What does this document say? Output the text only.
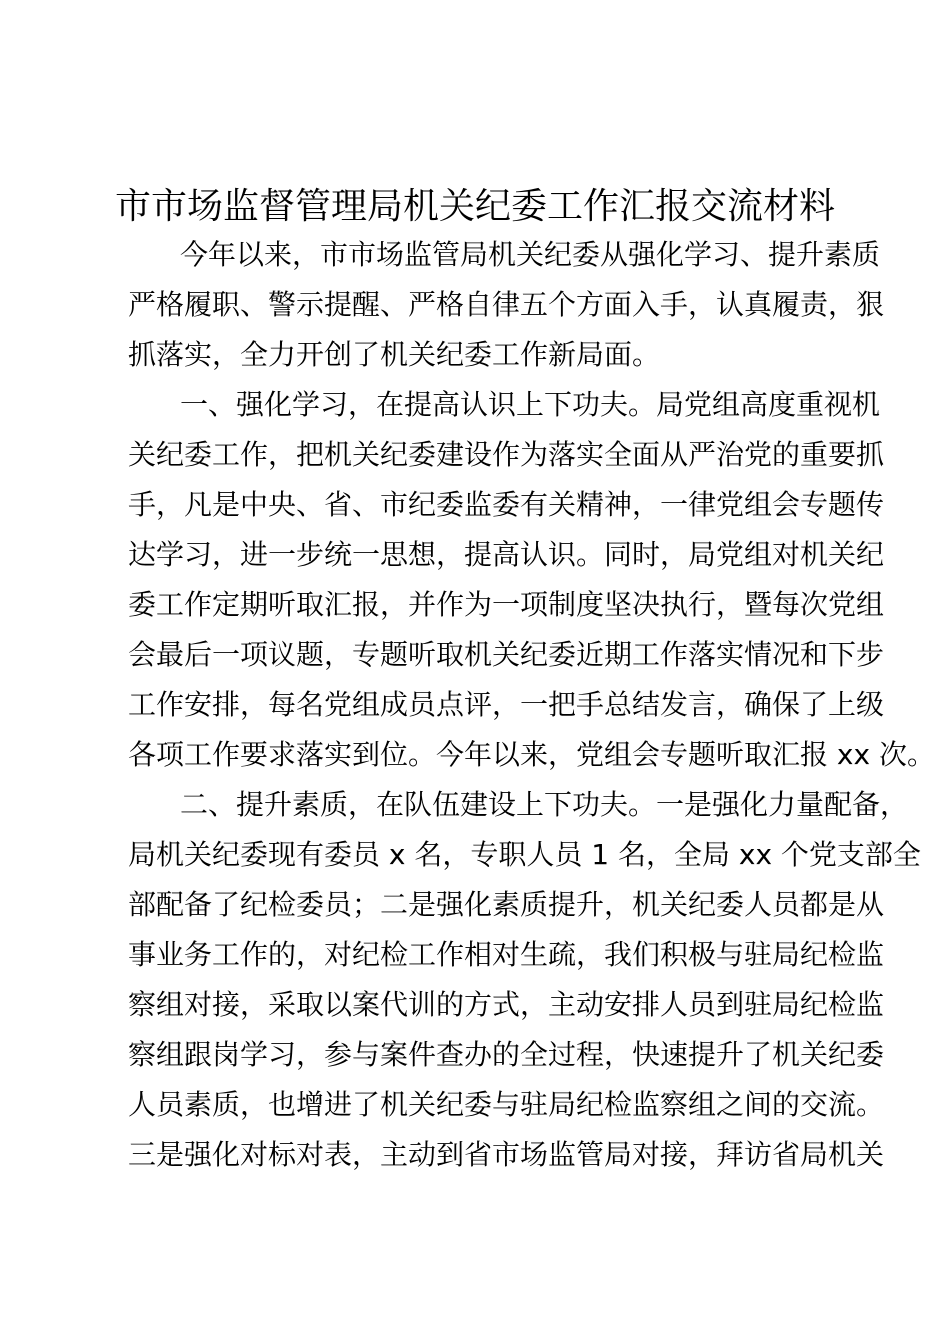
市市场监督管理局机关纪委工作汇报交流材料
今年以来，市市场监管局机关纪委从强化学习、提升素质
严格履职、警示提醒、严格自律五个方面入手，认真履责，狠
抓落实，全力开创了机关纪委工作新局面。
一、强化学习，在提高认识上下功夫。局党组高度重视机
关纪委工作，把机关纪委建设作为落实全面从严治党的重要抓
手，凡是中央、省、市纪委监委有关精神，一律党组会专题传
达学习，进一步统一思想，提高认识。同时，局党组对机关纪
委工作定期听取汇报，并作为一项制度坚决执行，暨每次党组
会最后一项议题，专题听取机关纪委近期工作落实情况和下步
工作安排，每名党组成员点评，一把手总结发言，确保了上级
各项工作要求落实到位。今年以来，党组会专题听取汇报 xx 次。
二、提升素质，在队伍建设上下功夫。一是强化力量配备，
局机关纪委现有委员 x 名，专职人员 1 名，全局 xx 个党支部全
部配备了纪检委员；二是强化素质提升，机关纪委人员都是从
事业务工作的，对纪检工作相对生疏，我们积极与驻局纪检监
察组对接，采取以案代训的方式，主动安排人员到驻局纪检监
察组跟岗学习，参与案件查办的全过程，快速提升了机关纪委
人员素质，也增进了机关纪委与驻局纪检监察组之间的交流。
三是强化对标对表，主动到省市场监管局对接，拜访省局机关
